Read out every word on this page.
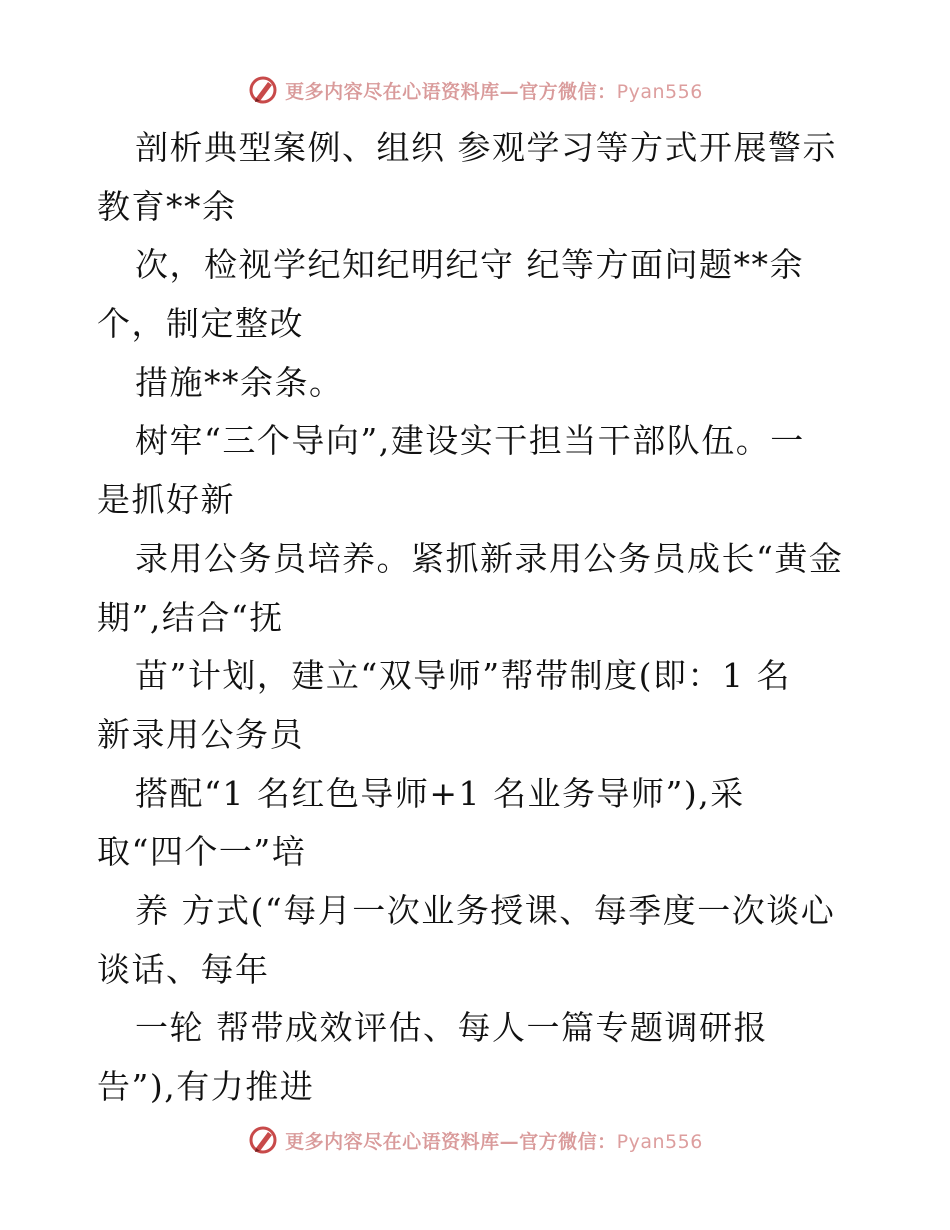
更多内容尽在心语资料库—官方微信：Pyan556
剖析典型案例、组织 参观学习等方式开展警示
教育**余
次，检视学纪知纪明纪守 纪等方面问题**余
个，制定整改
措施**余条。
树牢“三个导向”,建设实干担当干部队伍。一
是抓好新
录用公务员培养。紧抓新录用公务员成长“黄金
期”,结合“抚
苗”计划，建立“双导师”帮带制度(即：1 名
新录用公务员
搭配“1 名红色导师+1 名业务导师”),采
取“四个一”培
养 方式(“每月一次业务授课、每季度一次谈心
谈话、每年
一轮 帮带成效评估、每人一篇专题调研报
告”),有力推进
更多内容尽在心语资料库—官方微信：Pyan556
